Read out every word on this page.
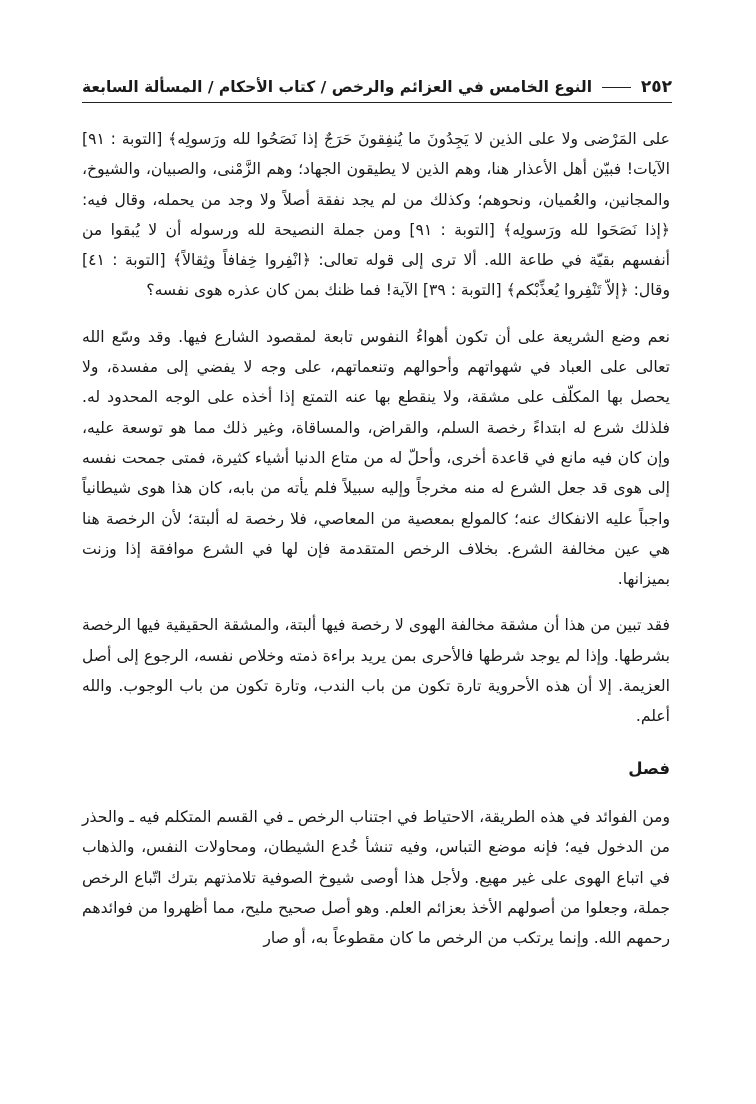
٢٥٢
النوع الخامس في العزائم والرخص / كتاب الأحكام / المسألة السابعة

على المَرْضى ولا على الذين لا يَجِدُونَ ما يُنفِقونَ حَرَجٌ إذا نَصَحُوا لله ورَسولِه﴾ [التوبة : ٩١] الآيات! فبيّن أهل الأعذار هنا، وهم الذين لا يطيقون الجهاد؛ وهم الزَّمْنى، والصبيان، والشيوخ، والمجانين، والعُميان، ونحوهم؛ وكذلك من لم يجد نفقة أصلاً ولا وجد من يحمله، وقال فيه: ﴿إذا نَصَحَوا لله ورَسولِه﴾ [التوبة : ٩١] ومن جملة النصيحة لله ورسوله أن لا يُبقوا من أنفسهم بقيّة في طاعة الله. ألا ترى إلى قوله تعالى: ﴿انْفِروا خِفافاً وثِقالاً﴾ [التوبة : ٤١] وقال: ﴿إلاّ تَنْفِروا يُعذِّبْكم﴾ [التوبة : ٣٩] الآية! فما ظنك بمن كان عذره هوى نفسه؟

نعم وضع الشريعة على أن تكون أهواءُ النفوس تابعة لمقصود الشارع فيها. وقد وسّع الله تعالى على العباد في شهواتهم وأحوالهم وتنعماتهم، على وجه لا يفضي إلى مفسدة، ولا يحصل بها المكلّف على مشقة، ولا ينقطع بها عنه التمتع إذا أخذه على الوجه المحدود له. فلذلك شرع له ابتداءً رخصة السلم، والقراض، والمساقاة، وغير ذلك مما هو توسعة عليه، وإن كان فيه مانع في قاعدة أخرى، وأحلّ له من متاع الدنيا أشياء كثيرة، فمتى جمحت نفسه إلى هوى قد جعل الشرع له منه مخرجاً وإليه سبيلاً فلم يأته من بابه، كان هذا هوى شيطانياً واجباً عليه الانفكاك عنه؛ كالمولع بمعصية من المعاصي، فلا رخصة له ألبتة؛ لأن الرخصة هنا هي عين مخالفة الشرع. بخلاف الرخص المتقدمة فإن لها في الشرع موافقة إذا وزنت بميزانها.

فقد تبين من هذا أن مشقة مخالفة الهوى لا رخصة فيها ألبتة، والمشقة الحقيقية فيها الرخصة بشرطها. وإذا لم يوجد شرطها فالأحرى بمن يريد براءة ذمته وخلاص نفسه، الرجوع إلى أصل العزيمة. إلا أن هذه الأحروية تارة تكون من باب الندب، وتارة تكون من باب الوجوب. والله أعلم.

فصل

ومن الفوائد في هذه الطريقة، الاحتياط في اجتناب الرخص ـ في القسم المتكلم فيه ـ والحذر من الدخول فيه؛ فإنه موضع التباس، وفيه تنشأ خُدع الشيطان، ومحاولات النفس، والذهاب في اتباع الهوى على غير مهيع. ولأجل هذا أوصى شيوخ الصوفية تلامذتهم بترك اتّباع الرخص جملة، وجعلوا من أصولهم الأخذ بعزائم العلم. وهو أصل صحيح مليح، مما أظهروا من فوائدهم رحمهم الله. وإنما يرتكب من الرخص ما كان مقطوعاً به، أو صار
